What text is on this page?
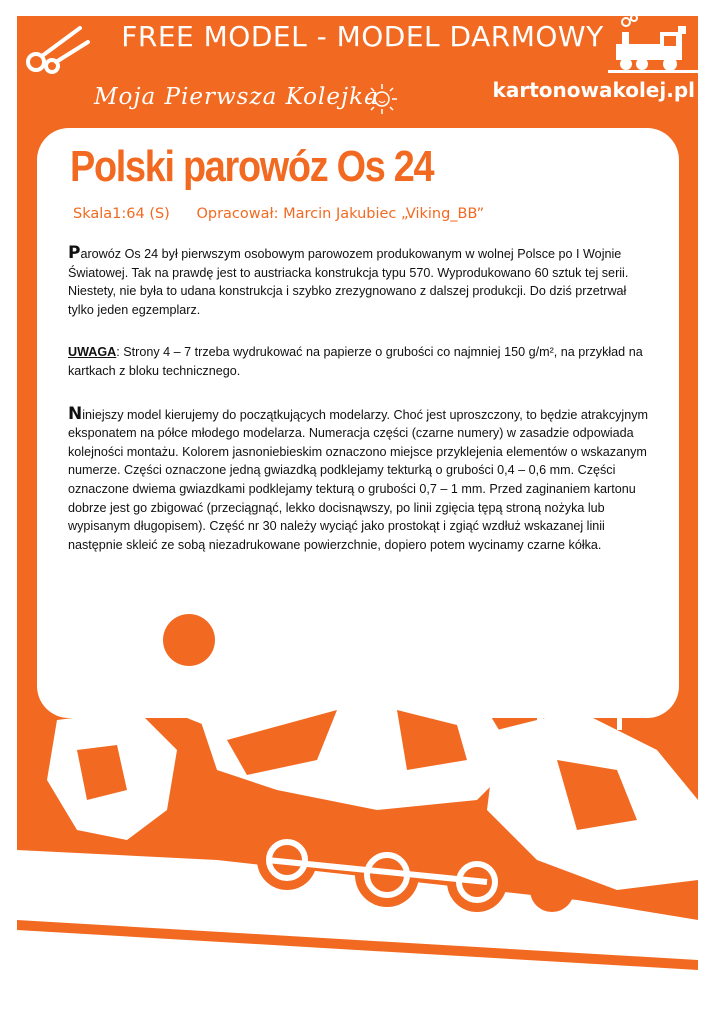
FREE MODEL - MODEL DARMOWY
Moja Pierwsza Kolejka	kartonowakolej.pl
Polski parowóz Os 24
Skala1:64 (S) Opracował: Marcin Jakubiec „Viking_BB”

Parowóz Os 24 był pierwszym osobowym parowozem produkowanym w wolnej Polsce po I Wojnie Światowej. Tak na prawdę jest to austriacka konstrukcja typu 570. Wyprodukowano 60 sztuk tej serii. Niestety, nie była to udana konstrukcja i szybko zrezygnowano z dalszej produkcji. Do dziś przetrwał tylko jeden egzemplarz.

UWAGA: Strony 4 – 7 trzeba wydrukować na papierze o grubości co najmniej 150 g/m², na przykład na kartkach z bloku technicznego.

Niniejszy model kierujemy do początkujących modelarzy. Choć jest uproszczony, to będzie atrakcyjnym eksponatem na półce młodego modelarza. Numeracja części (czarne numery) w zasadzie odpowiada kolejności montażu. Kolorem jasnoniebieskim oznaczono miejsce przyklejenia elementów o wskazanym numerze. Części oznaczone jedną gwiazdką podklejamy tekturką o grubości 0,4 – 0,6 mm. Części oznaczone dwiema gwiazdkami podklejamy tekturą o grubości 0,7 – 1 mm. Przed zaginaniem kartonu dobrze jest go zbigować (przeciągnąć, lekko docisnąwszy, po linii zgięcia tępą stroną nożyka lub wypisanym długopisem). Część nr 30 należy wyciąć jako prostokąt i zgiąć wzdłuż wskazanej linii następnie skleić ze sobą niezadrukowane powierzchnie, dopiero potem wycinamy czarne kółka.
